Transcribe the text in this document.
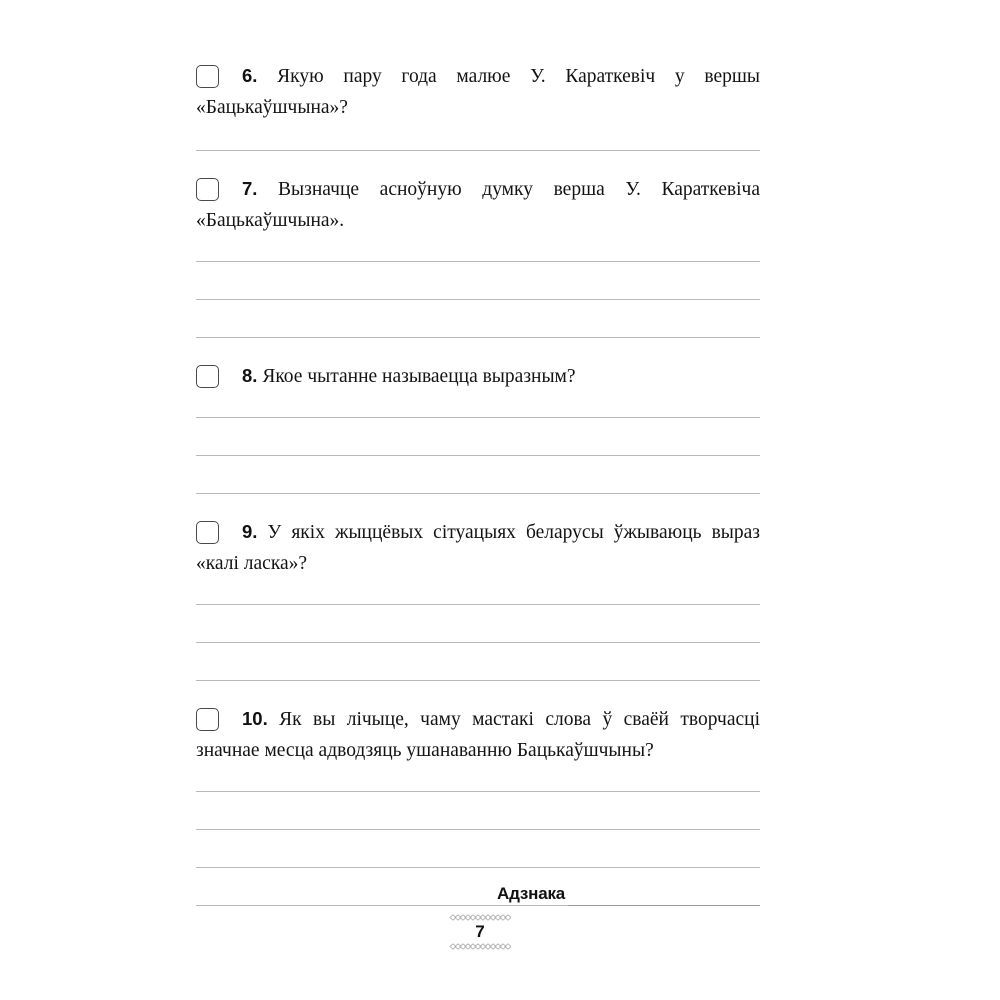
6. Якую пару года малюе У. Караткевіч у вершы «Бацькаўшчына»?

7. Вызначце асноўную думку верша У. Караткевіча «Бацькаўшчына».

8. Якое чытанне называецца выразным?

9. У якіх жыццёвых сітуацыях беларусы ўжываюць выраз «калі ласка»?

10. Як вы лічыце, чаму мастакі слова ў сваёй творчасці значнае месца адводзяць ушанаванню Бацькаўшчыны?

Адзнака
7
